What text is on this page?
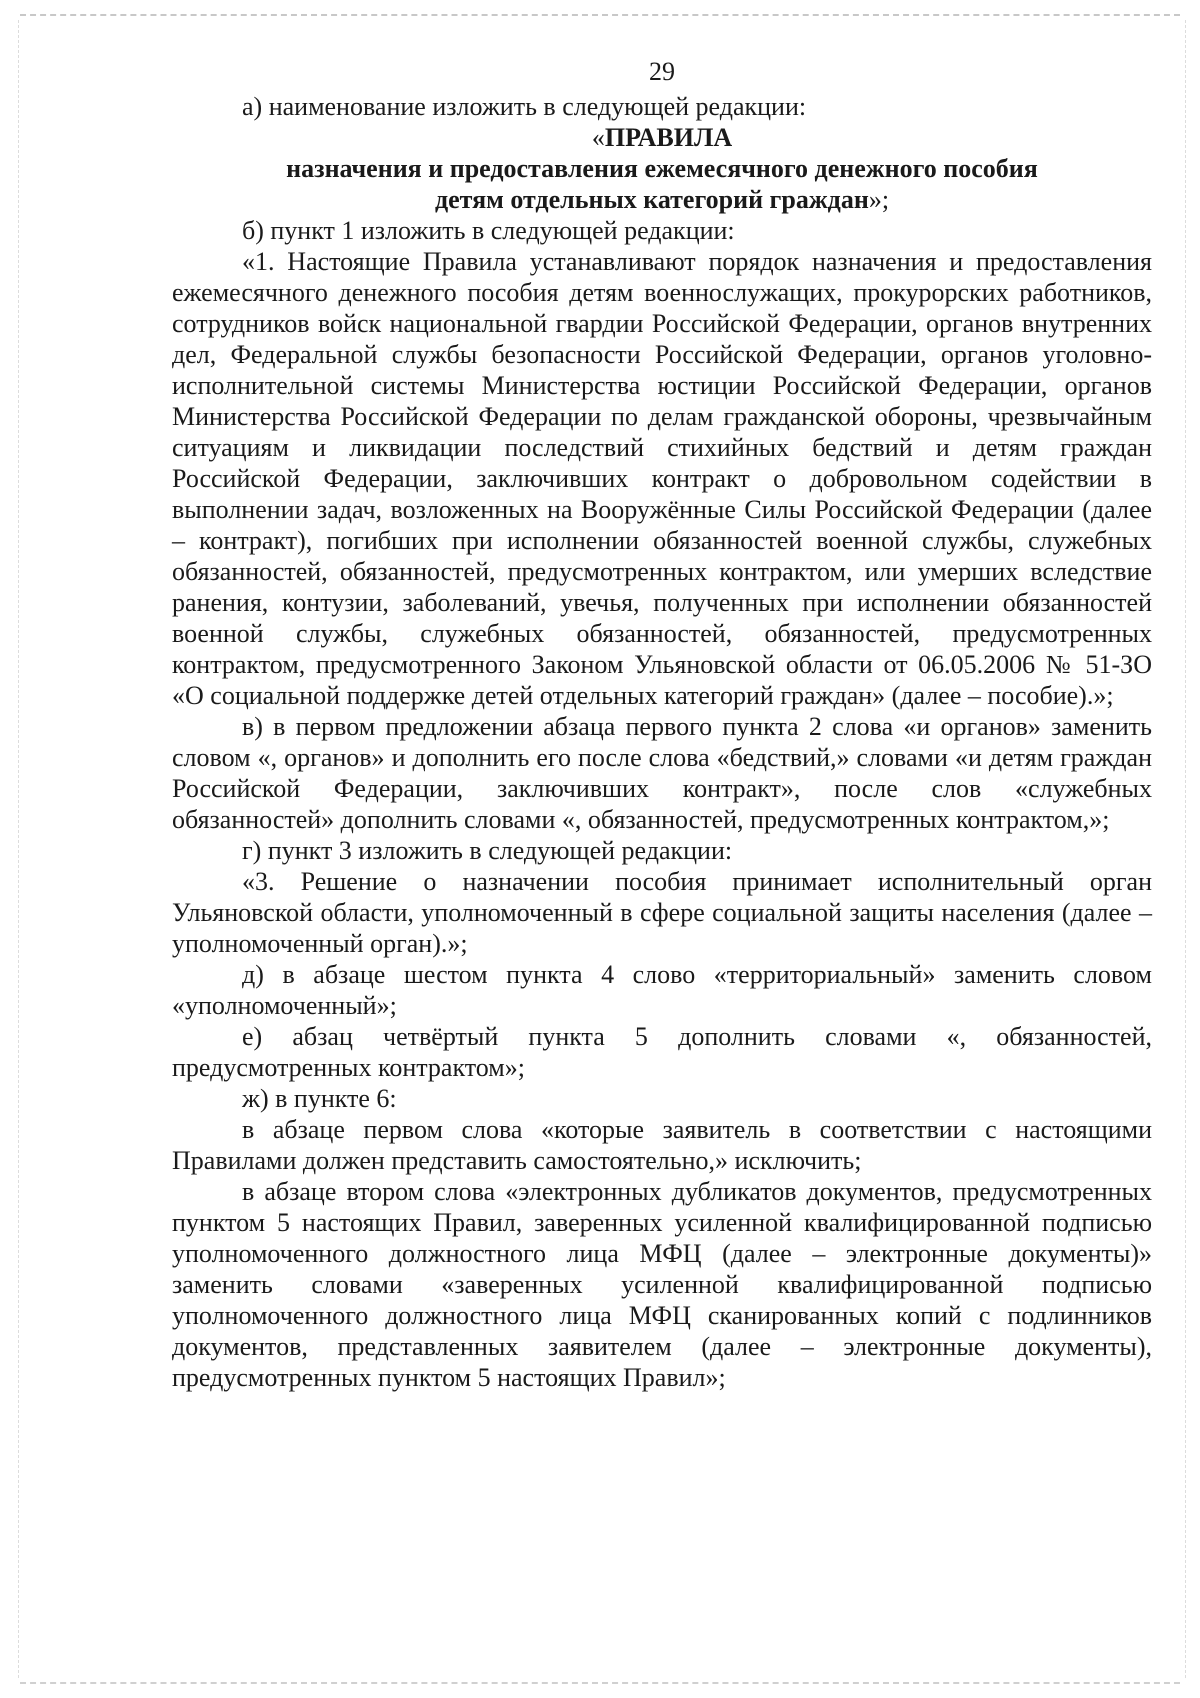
29

а) наименование изложить в следующей редакции:

«ПРАВИЛА

назначения и предоставления ежемесячного денежного пособия

детям отдельных категорий граждан»;

б) пункт 1 изложить в следующей редакции:

«1. Настоящие Правила устанавливают порядок назначения и предоставления ежемесячного денежного пособия детям военнослужащих, прокурорских работников, сотрудников войск национальной гвардии Российской Федерации, органов внутренних дел, Федеральной службы безопасности Российской Федерации, органов уголовно-исполнительной системы Министерства юстиции Российской Федерации, органов Министерства Российской Федерации по делам гражданской обороны, чрезвычайным ситуациям и ликвидации последствий стихийных бедствий и детям граждан Российской Федерации, заключивших контракт о добровольном содействии в выполнении задач, возложенных на Вооружённые Силы Российской Федерации (далее – контракт), погибших при исполнении обязанностей военной службы, служебных обязанностей, обязанностей, предусмотренных контрактом, или умерших вследствие ранения, контузии, заболеваний, увечья, полученных при исполнении обязанностей военной службы, служебных обязанностей, обязанностей, предусмотренных контрактом, предусмотренного Законом Ульяновской области от 06.05.2006 № 51-ЗО «О социальной поддержке детей отдельных категорий граждан» (далее – пособие).»;

в) в первом предложении абзаца первого пункта 2 слова «и органов» заменить словом «, органов» и дополнить его после слова «бедствий,» словами «и детям граждан Российской Федерации, заключивших контракт», после слов «служебных обязанностей» дополнить словами «, обязанностей, предусмотренных контрактом,»;

г) пункт 3 изложить в следующей редакции:

«3. Решение о назначении пособия принимает исполнительный орган Ульяновской области, уполномоченный в сфере социальной защиты населения (далее – уполномоченный орган).»;

д) в абзаце шестом пункта 4 слово «территориальный» заменить словом «уполномоченный»;

е) абзац четвёртый пункта 5 дополнить словами «, обязанностей, предусмотренных контрактом»;

ж) в пункте 6:

в абзаце первом слова «которые заявитель в соответствии с настоящими Правилами должен представить самостоятельно,» исключить;

в абзаце втором слова «электронных дубликатов документов, предусмотренных пунктом 5 настоящих Правил, заверенных усиленной квалифицированной подписью уполномоченного должностного лица МФЦ (далее – электронные документы)» заменить словами «заверенных усиленной квалифицированной подписью уполномоченного должностного лица МФЦ сканированных копий с подлинников документов, представленных заявителем (далее – электронные документы), предусмотренных пунктом 5 настоящих Правил»;
